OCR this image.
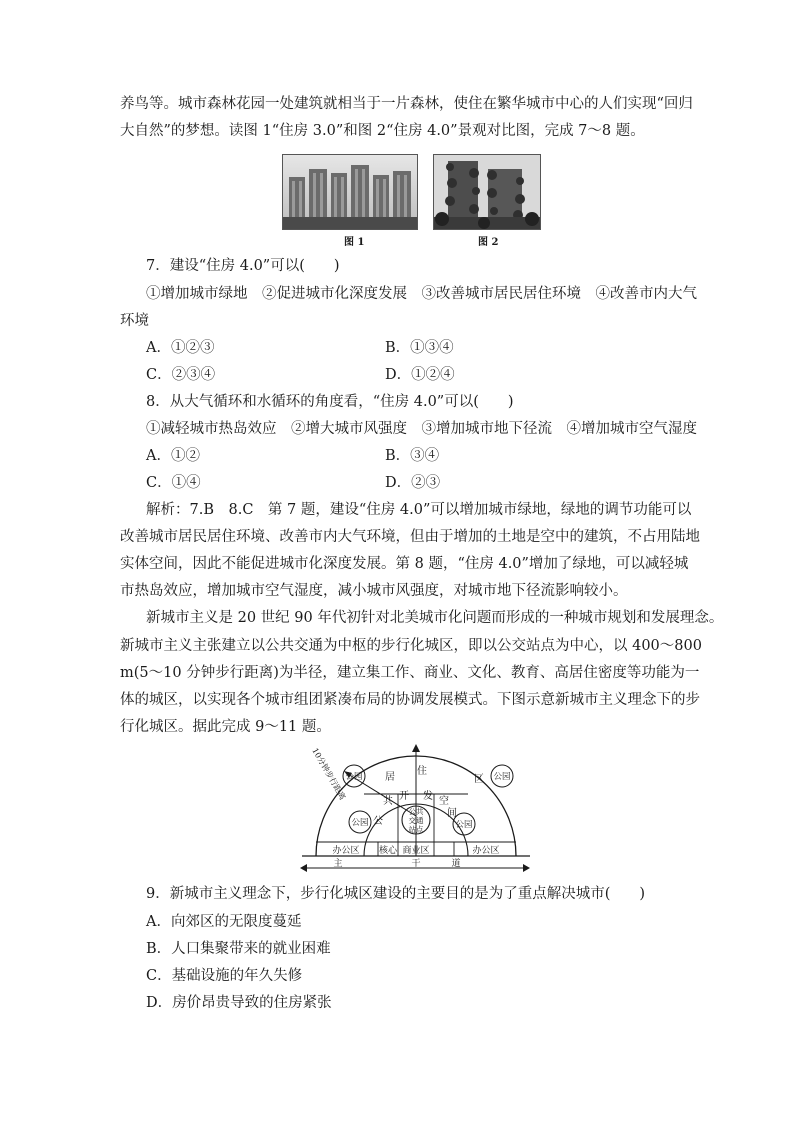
养鸟等。城市森林花园一处建筑就相当于一片森林，使住在繁华城市中心的人们实现“回归
大自然”的梦想。读图 1“住房 3.0”和图 2“住房 4.0”景观对比图，完成 7～8 题。
图 1	图 2
7．建设“住房 4.0”可以(　　)
①增加城市绿地　②促进城市化深度发展　③改善城市居民居住环境　④改善市内大气
环境
A．①②③	B．①③④
C．②③④	D．①②④
8．从大气循环和水循环的角度看，“住房 4.0”可以(　　)
①减轻城市热岛效应　②增大城市风强度　③增加城市地下径流　④增加城市空气湿度
A．①②	B．③④
C．①④	D．②③
解析：7.B　8.C　第 7 题，建设“住房 4.0”可以增加城市绿地，绿地的调节功能可以
改善城市居民居住环境、改善市内大气环境，但由于增加的土地是空中的建筑，不占用陆地
实体空间，因此不能促进城市化深度发展。第 8 题，“住房 4.0”增加了绿地，可以减轻城
市热岛效应，增加城市空气湿度，减小城市风强度，对城市地下径流影响较小。
新城市主义是 20 世纪 90 年代初针对北美城市化问题而形成的一种城市规划和发展理念。
新城市主义主张建立以公共交通为中枢的步行化城区，即以公交站点为中心，以 400～800
m(5～10 分钟步行距离)为半径，建立集工作、商业、文化、教育、高居住密度等功能为一
体的城区，以实现各个城市组团紧凑布局的协调发展模式。下图示意新城市主义理念下的步
行化城区。据此完成 9～11 题。
公园	公园
公园	公园
公共
交通
站点
居
住
区
公
共 开 发 空
间
办公区 核心 商业区	办公区
主	干	道
10分钟步行距离
9．新城市主义理念下，步行化城区建设的主要目的是为了重点解决城市(　　)
A．向郊区的无限度蔓延
B．人口集聚带来的就业困难
C．基础设施的年久失修
D．房价昂贵导致的住房紧张
